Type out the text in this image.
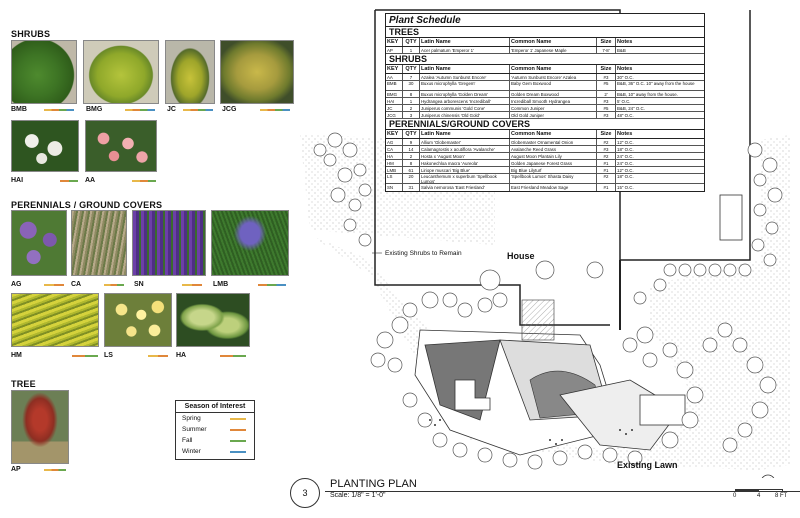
SHRUBS
BMB	BMG	JC	JCG
HAI	AA
PERENNIALS / GROUND COVERS
AG	CA	SN	LMB
HM	LS	HA
TREE
AP
Season of Interest
Spring
Summer
Fall
Winter
Existing Shrubs to Remain	House
Existing Lawn
Plant Schedule
TREES
KEY	QTY Latin Name	Common Name	Size	Notes
AP	1	Acer palmatum 'Emperor 1'	'Emperor 1' Japanese Maple	7-8'	B&B
SHRUBS
KEY	QTY Latin Name	Common Name	Size	Notes
AA	7	Azalea 'Autumn Sunburst Encore'	'Autumn Sunburst Encore' Azalea	#3	30" O.C.
BMB	30	Buxus microphylla 'Gregem'	Baby Gem Boxwood	#5	B&B, 36" O.C. 10" away from the house
BMG	8	Buxus microphylla 'Golden Dream'	Golden Dream Boxwood	2'	B&B, 10" away from the house.
HAI	1	Hydrangea arborescens 'Incrediball'	Incrediball Smooth Hydrangea	#3	5' O.C.
JC	2	Juniperus communis 'Gold Cone'	Common Juniper	#5	B&B, 24" O.C.
JCG	3	Juniperus chinensis 'Old Gold'	Old Gold Juniper	#3	48" O.C.
PERENNIALS/GROUND COVERS
KEY	QTY Latin Name	Common Name	Size	Notes
AG	9	Allium 'Globemaster'	Globemaster Ornamental Onion	#2	12" O.C.
CA	14	Calamagrostis x acutiflora 'Avalanche'	Avalanche Reed Grass	#3	18" O.C.
HA	2	Hosta x 'August Moon'	August Moon Plantain Lily	#2	24" O.C.
HM	8	Hakonechloa macra 'Aureola'	Golden Japanese Forest Grass	#1	24" O.C.
LMB	61	Liriope muscari 'Big Blue'	Big Blue Lilyturf	#1	12" O.C.
LS	20	Leucanthemum x superbum 'Spellbook Lumos'
'Spellbook Lumos' Shasta Daisy	#2	18" O.C.
SN	31	Salvia nemorosa 'East Friesland'	East Friesland Meadow Sage	#1	15" O.C.
3
PLANTING PLAN
Scale: 1/8" = 1'-0"	0	4 8 FT
